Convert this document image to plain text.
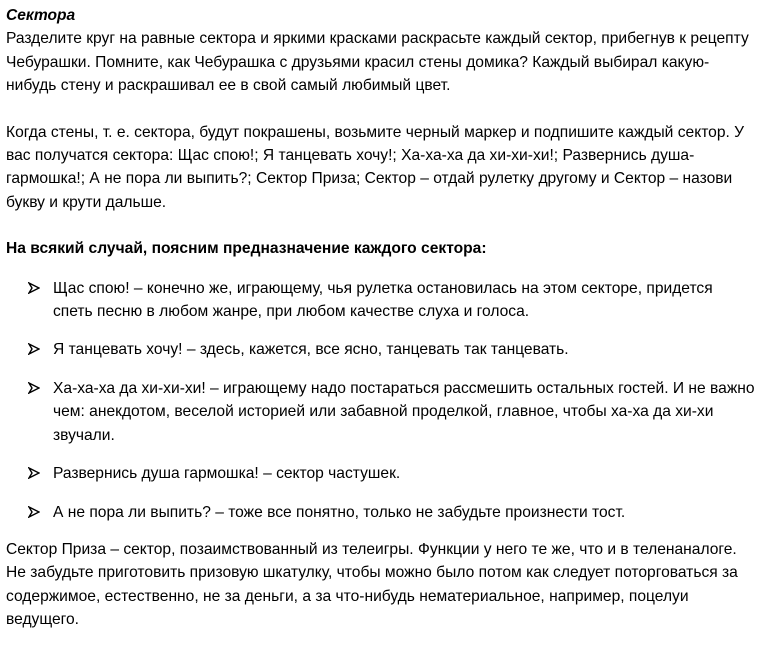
Сектора

Разделите круг на равные сектора и яркими красками раскрасьте каждый сектор, прибегнув к рецепту Чебурашки. Помните, как Чебурашка с друзьями красил стены домика? Каждый выбирал какую-нибудь стену и раскрашивал ее в свой самый любимый цвет.

Когда стены, т. е. сектора, будут покрашены, возьмите черный маркер и подпишите каждый сектор. У вас получатся сектора: Щас спою!; Я танцевать хочу!; Ха-ха-ха да хи-хи-хи!; Развернись душа-гармошка!; А не пора ли выпить?; Сектор Приза; Сектор – отдай рулетку другому и Сектор – назови букву и крути дальше.

На всякий случай, поясним предназначение каждого сектора:

Щас спою! – конечно же, играющему, чья рулетка остановилась на этом секторе, придется спеть песню в любом жанре, при любом качестве слуха и голоса.
Я танцевать хочу! – здесь, кажется, все ясно, танцевать так танцевать.
Ха-ха-ха да хи-хи-хи! – играющему надо постараться рассмешить остальных гостей. И не важно чем: анекдотом, веселой историей или забавной проделкой, главное, чтобы ха-ха да хи-хи звучали.
Развернись душа гармошка! – сектор частушек.
А не пора ли выпить? – тоже все понятно, только не забудьте произнести тост.

Сектор Приза – сектор, позаимствованный из телеигры. Функции у него те же, что и в теленаналоге. Не забудьте приготовить призовую шкатулку, чтобы можно было потом как следует поторговаться за содержимое, естественно, не за деньги, а за что-нибудь нематериальное, например, поцелуи ведущего.
